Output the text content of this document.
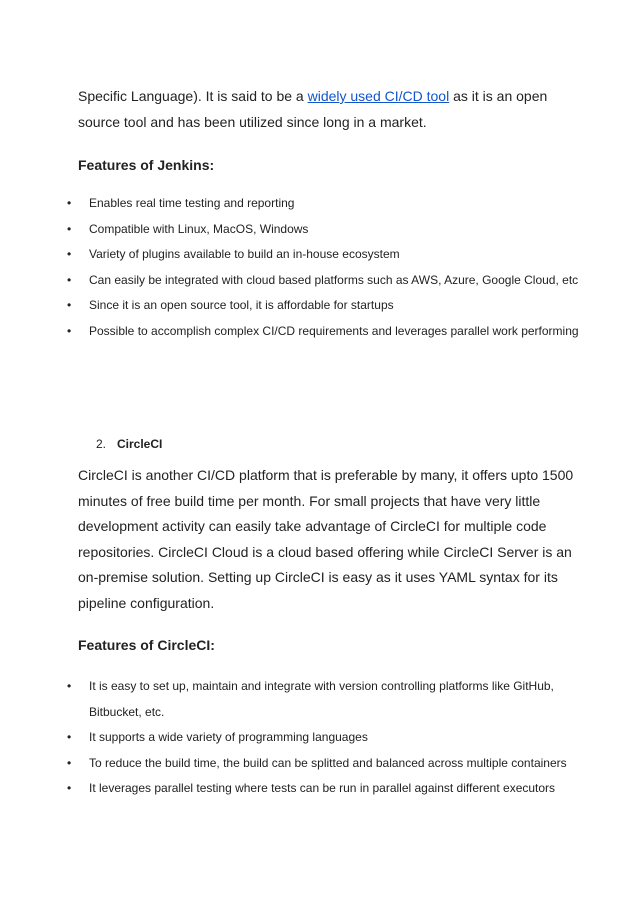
Specific Language). It is said to be a widely used CI/CD tool as it is an open source tool and has been utilized since long in a market.

Features of Jenkins:
• Enables real time testing and reporting
• Compatible with Linux, MacOS, Windows
• Variety of plugins available to build an in-house ecosystem
• Can easily be integrated with cloud based platforms such as AWS, Azure, Google Cloud, etc
• Since it is an open source tool, it is affordable for startups
• Possible to accomplish complex CI/CD requirements and leverages parallel work performing
2. CircleCI

CircleCI is another CI/CD platform that is preferable by many, it offers upto 1500 minutes of free build time per month. For small projects that have very little development activity can easily take advantage of CircleCI for multiple code repositories. CircleCI Cloud is a cloud based offering while CircleCI Server is an on-premise solution. Setting up CircleCI is easy as it uses YAML syntax for its pipeline configuration.

Features of CircleCI:
• It is easy to set up, maintain and integrate with version controlling platforms like GitHub, Bitbucket, etc.
• It supports a wide variety of programming languages
• To reduce the build time, the build can be splitted and balanced across multiple containers
• It leverages parallel testing where tests can be run in parallel against different executors
